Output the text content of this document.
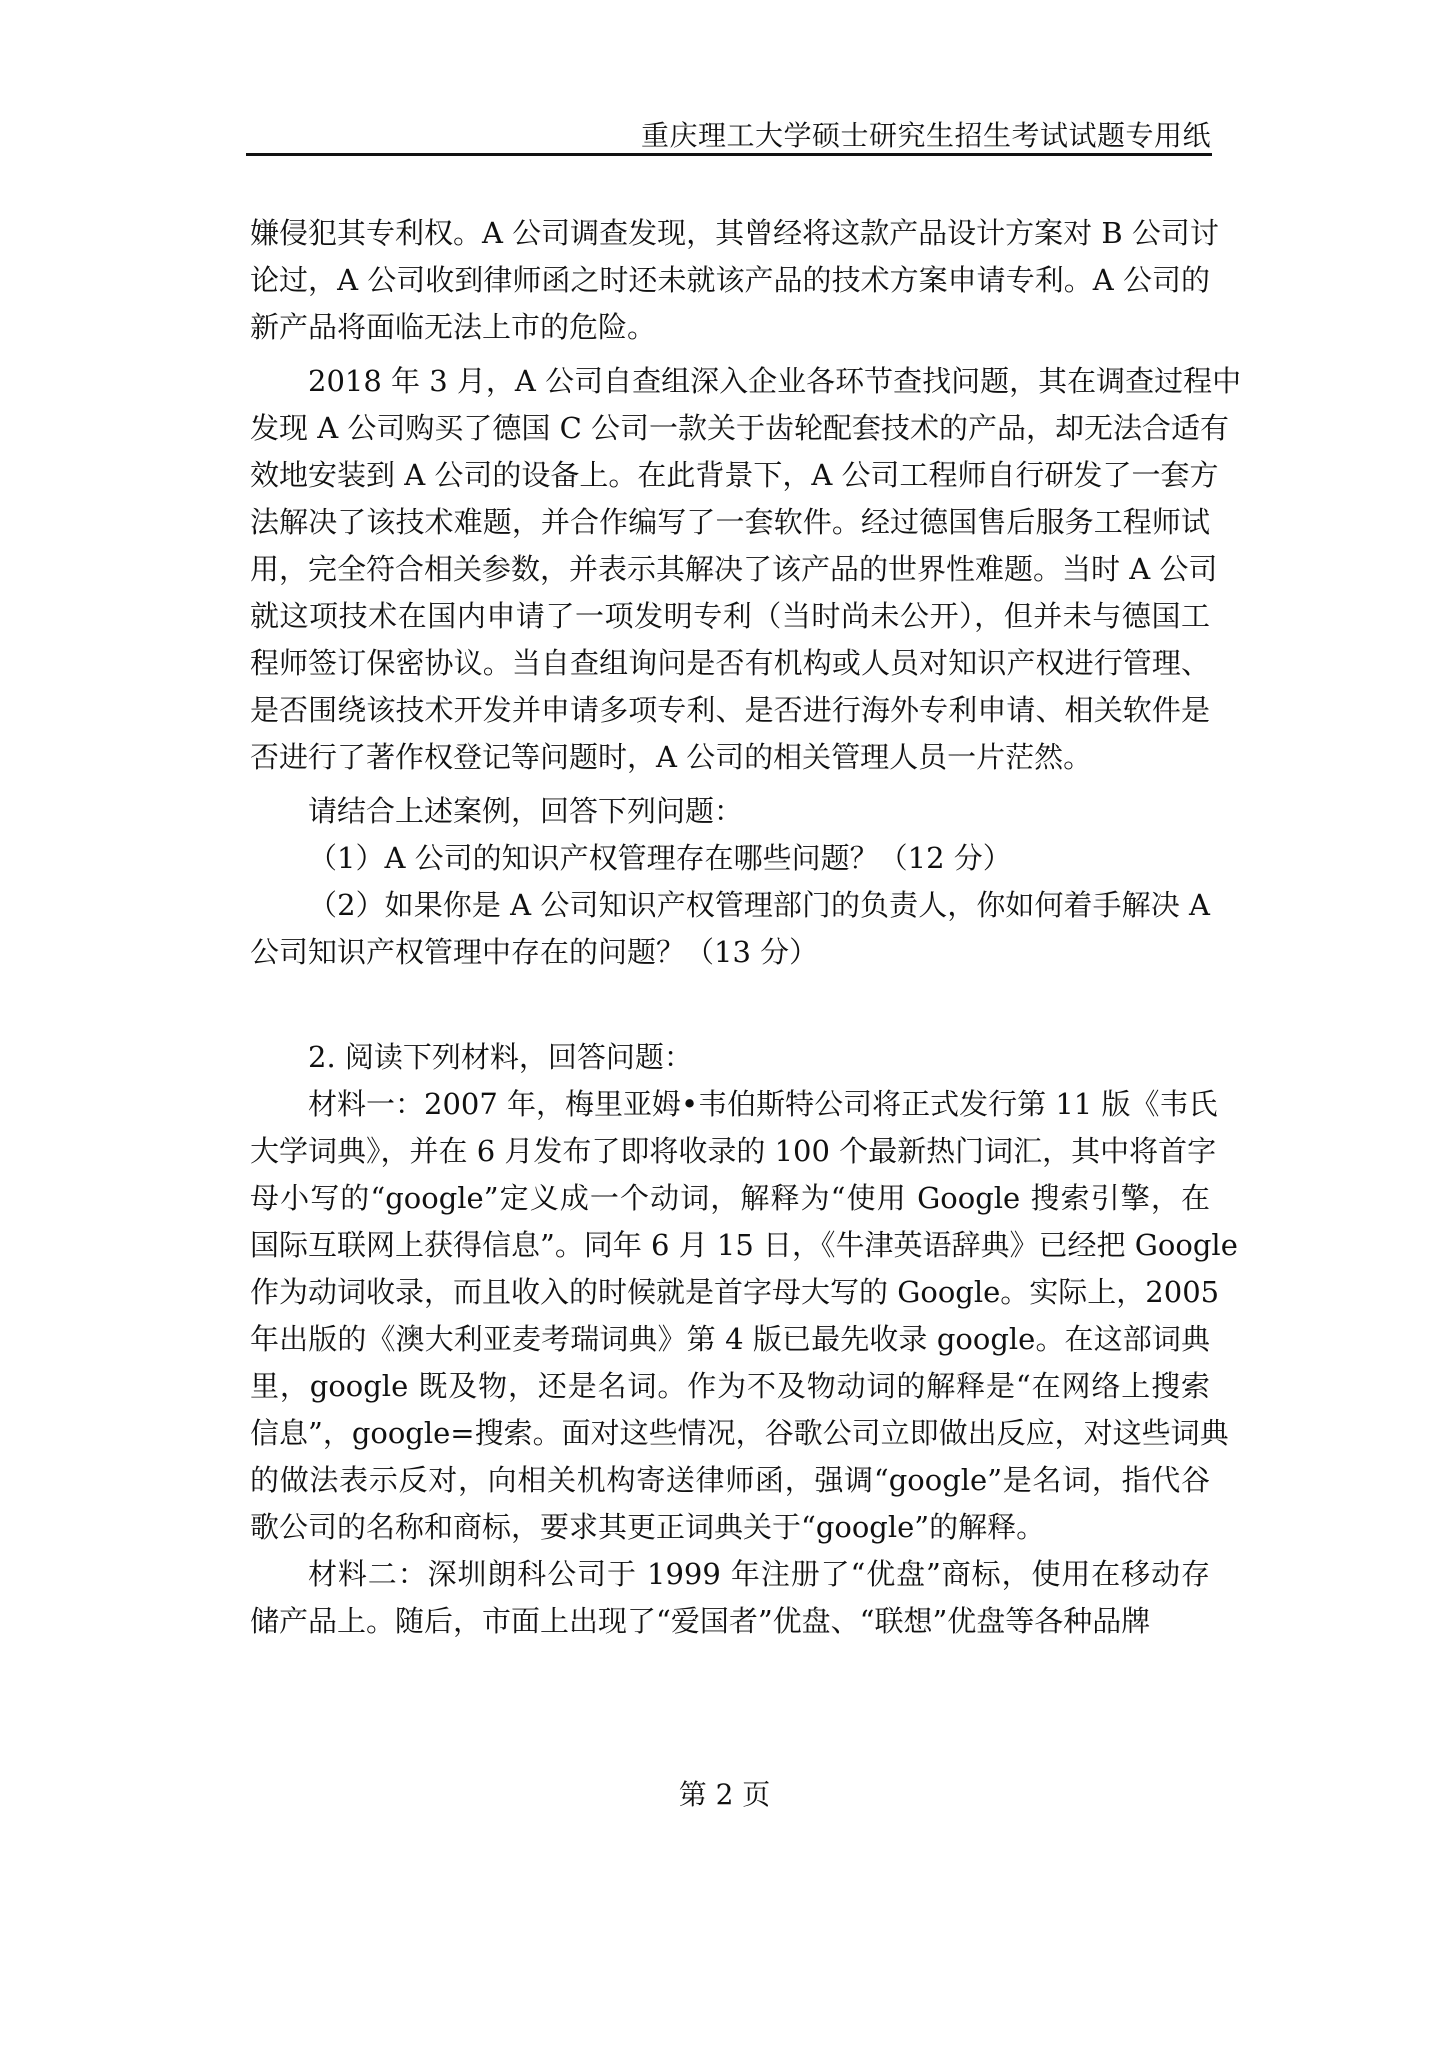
重庆理工大学硕士研究生招生考试试题专用纸
嫌侵犯其专利权。A 公司调查发现，其曾经将这款产品设计方案对 B 公司讨
论过，A 公司收到律师函之时还未就该产品的技术方案申请专利。A 公司的
新产品将面临无法上市的危险。
2018 年 3 月，A 公司自查组深入企业各环节查找问题，其在调查过程中
发现 A 公司购买了德国 C 公司一款关于齿轮配套技术的产品，却无法合适有
效地安装到 A 公司的设备上。在此背景下，A 公司工程师自行研发了一套方
法解决了该技术难题，并合作编写了一套软件。经过德国售后服务工程师试
用，完全符合相关参数，并表示其解决了该产品的世界性难题。当时 A 公司
就这项技术在国内申请了一项发明专利（当时尚未公开），但并未与德国工
程师签订保密协议。当自查组询问是否有机构或人员对知识产权进行管理、
是否围绕该技术开发并申请多项专利、是否进行海外专利申请、相关软件是
否进行了著作权登记等问题时，A 公司的相关管理人员一片茫然。
请结合上述案例，回答下列问题：
（1）A 公司的知识产权管理存在哪些问题？（12 分）
（2）如果你是 A 公司知识产权管理部门的负责人，你如何着手解决 A
公司知识产权管理中存在的问题？（13 分）
2. 阅读下列材料，回答问题：
材料一：2007 年，梅里亚姆•韦伯斯特公司将正式发行第 11 版《韦氏
大学词典》，并在 6 月发布了即将收录的 100 个最新热门词汇，其中将首字
母小写的“google”定义成一个动词，解释为“使用 Google 搜索引擎，在
国际互联网上获得信息”。同年 6 月 15 日，《牛津英语辞典》已经把 Google
作为动词收录，而且收入的时候就是首字母大写的 Google。实际上，2005
年出版的《澳大利亚麦考瑞词典》第 4 版已最先收录 google。在这部词典
里，google 既及物，还是名词。作为不及物动词的解释是“在网络上搜索
信息”，google=搜索。面对这些情况，谷歌公司立即做出反应，对这些词典
的做法表示反对，向相关机构寄送律师函，强调“google”是名词，指代谷
歌公司的名称和商标，要求其更正词典关于“google”的解释。
材料二：深圳朗科公司于 1999 年注册了“优盘”商标，使用在移动存
储产品上。随后，市面上出现了“爱国者”优盘、“联想”优盘等各种品牌
第 2 页
